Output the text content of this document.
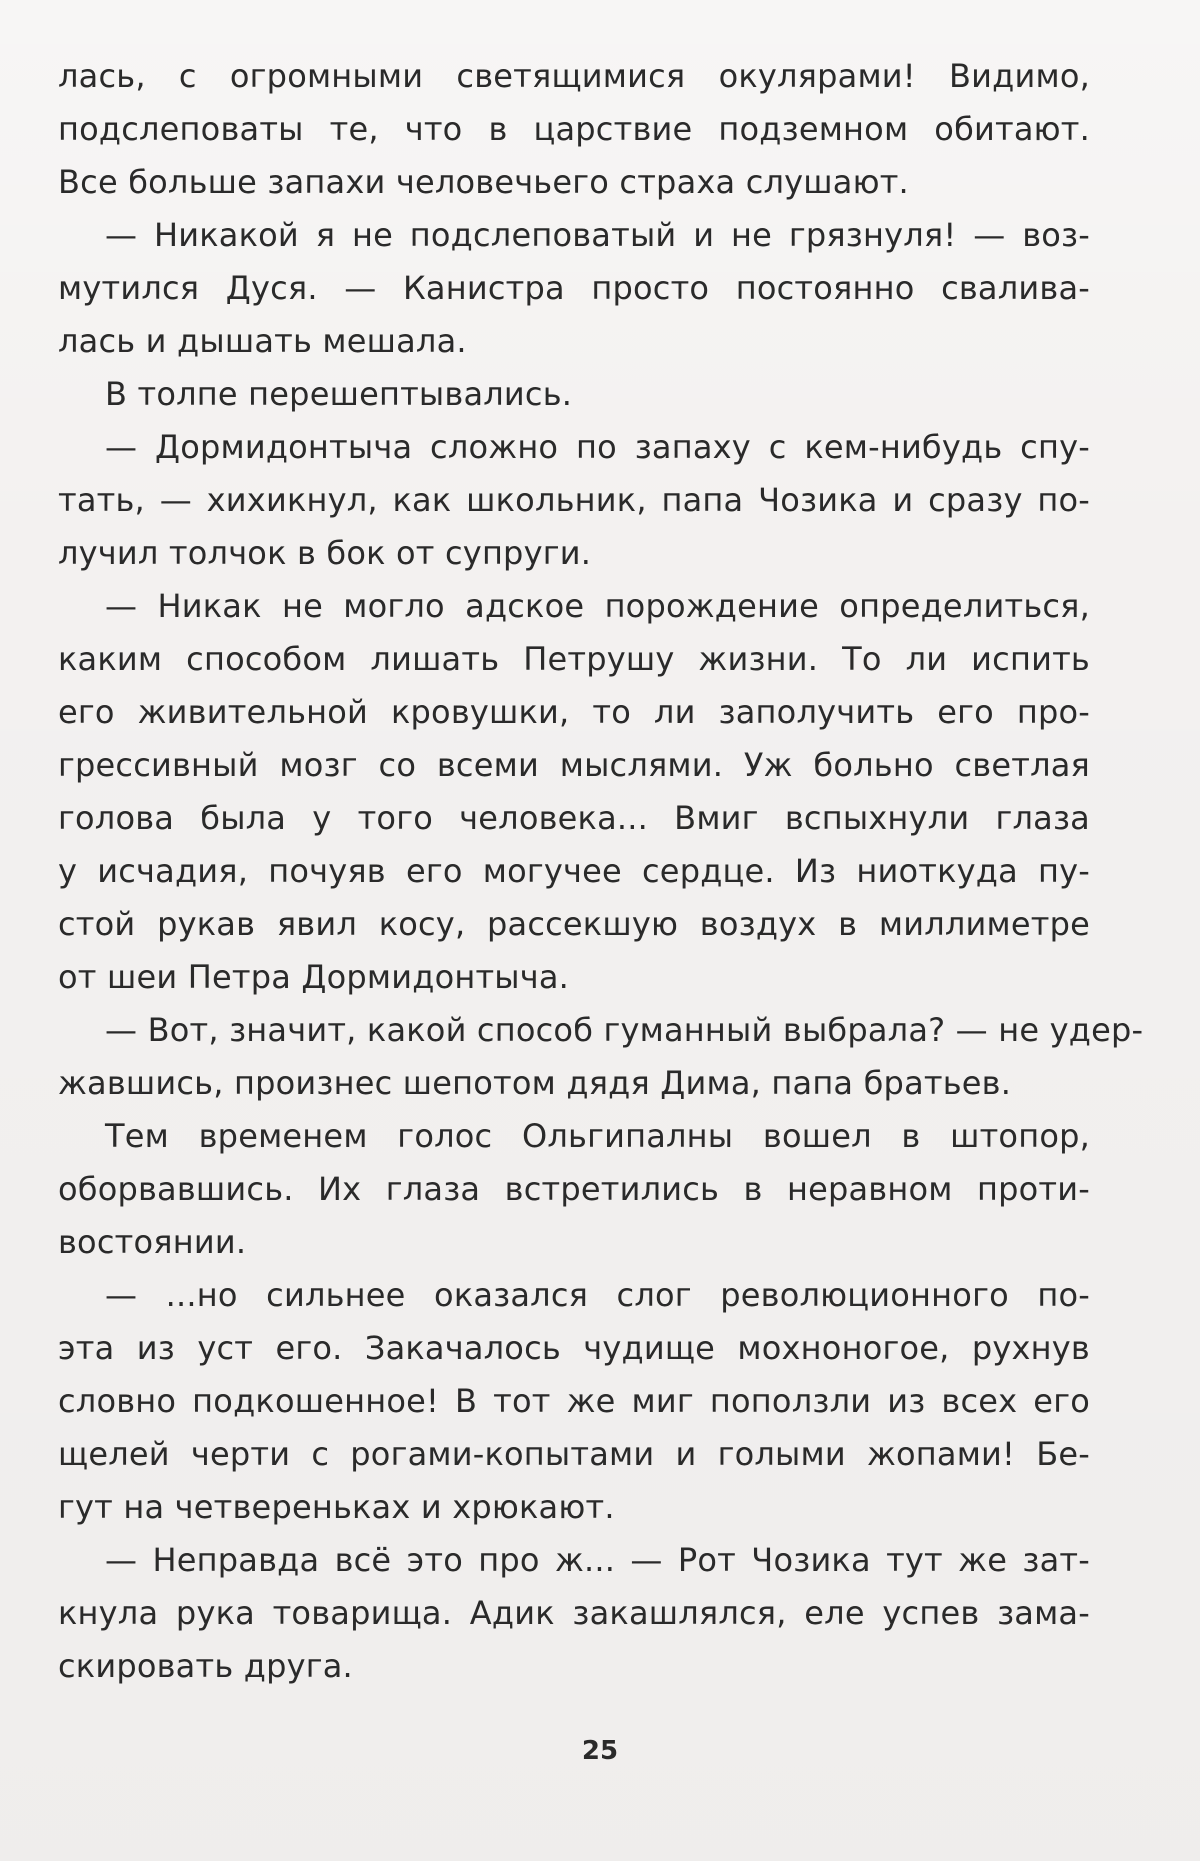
лась, с огромными светящимися окулярами! Видимо,
подслеповаты те, что в царствие подземном обитают.
Все больше запахи человечьего страха слушают.
— Никакой я не подслеповатый и не грязнуля! — воз-
мутился Дуся. — Канистра просто постоянно свалива-
лась и дышать мешала.
В толпе перешептывались.
— Дормидонтыча сложно по запаху с кем-нибудь спу-
тать, — хихикнул, как школьник, папа Чозика и сразу по-
лучил толчок в бок от супруги.
— Никак не могло адское порождение определиться,
каким способом лишать Петрушу жизни. То ли испить
его живительной кровушки, то ли заполучить его про-
грессивный мозг со всеми мыслями. Уж больно светлая
голова была у того человека... Вмиг вспыхнули глаза
у исчадия, почуяв его могучее сердце. Из ниоткуда пу-
стой рукав явил косу, рассекшую воздух в миллиметре
от шеи Петра Дормидонтыча.
— Вот, значит, какой способ гуманный выбрала? — не удер-
жавшись, произнес шепотом дядя Дима, папа братьев.
Тем временем голос Ольгипалны вошел в штопор,
оборвавшись. Их глаза встретились в неравном проти-
востоянии.
— ...но сильнее оказался слог революционного по-
эта из уст его. Закачалось чудище мохноногое, рухнув
словно подкошенное! В тот же миг поползли из всех его
щелей черти с рогами-копытами и голыми жопами! Бе-
гут на четвереньках и хрюкают.
— Неправда всё это про ж... — Рот Чозика тут же зат-
кнула рука товарища. Адик закашлялся, еле успев зама-
скировать друга.
25
